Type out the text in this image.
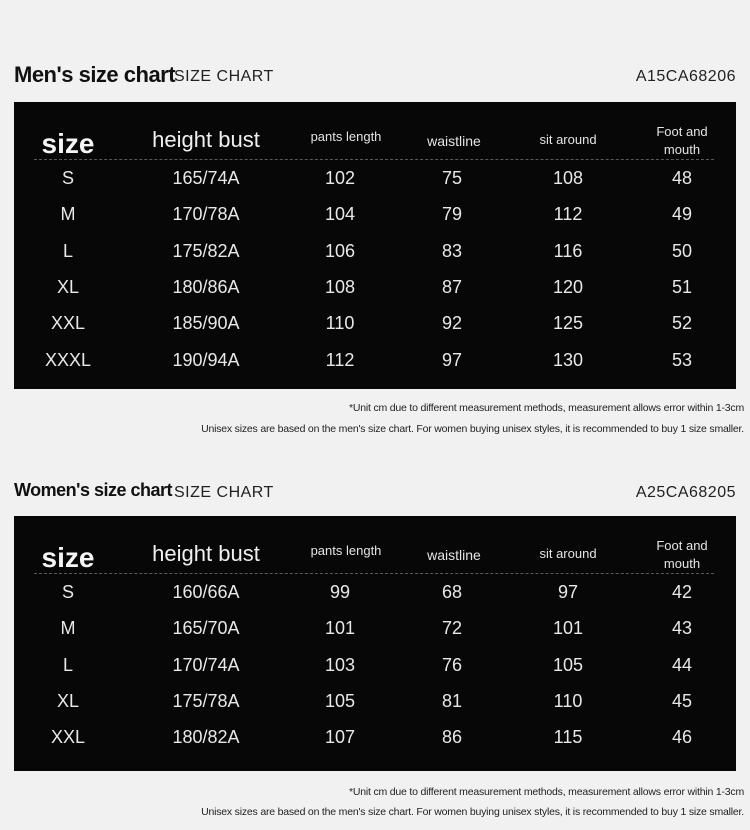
Men's size chart
SIZE CHART	A15CA68206
size	height bust	pants length	waistline	sit around
Foot and
mouth
S	165/74A	102	75	108	48
M	170/78A	104	79	112	49
L	175/82A	106	83	116	50
XL	180/86A	108	87	120	51
XXL	185/90A	110	92	125	52
XXXL	190/94A	112	97	130	53
*Unit cm due to different measurement methods, measurement allows error within 1-3cm
Unisex sizes are based on the men's size chart. For women buying unisex styles, it is recommended to buy 1 size smaller.
Women's size chart SIZE CHART	A25CA68205
size	height bust	pants length	waistline	sit around
Foot and
mouth
S	160/66A	99	68	97	42
M	165/70A	101	72	101	43
L	170/74A	103	76	105	44
XL	175/78A	105	81	110	45
XXL	180/82A	107	86	115	46
*Unit cm due to different measurement methods, measurement allows error within 1-3cm
Unisex sizes are based on the men's size chart. For women buying unisex styles, it is recommended to buy 1 size smaller.
